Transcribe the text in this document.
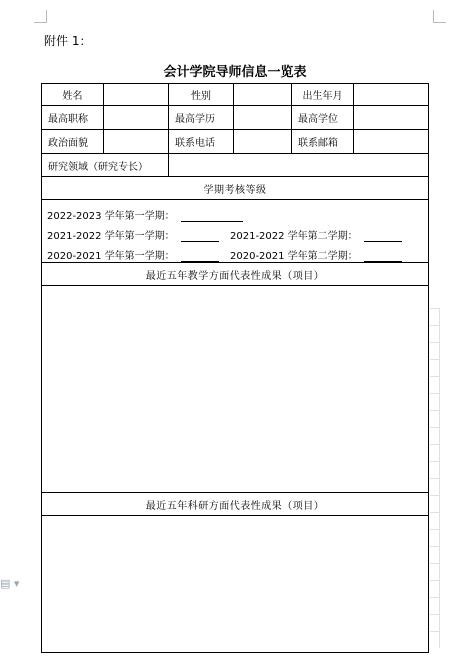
附件 1：
会计学院导师信息一览表
姓名	性别	出生年月
最高职称	最高学历	最高学位
政治面貌	联系电话	联系邮箱
研究领域（研究专长）
学期考核等级
2022-2023 学年第一学期：
2021-2022 学年第一学期：	2021-2022 学年第二学期：
2020-2021 学年第一学期：	2020-2021 学年第二学期：
最近五年教学方面代表性成果（项目）
最近五年科研方面代表性成果（项目）
▤ ▾
